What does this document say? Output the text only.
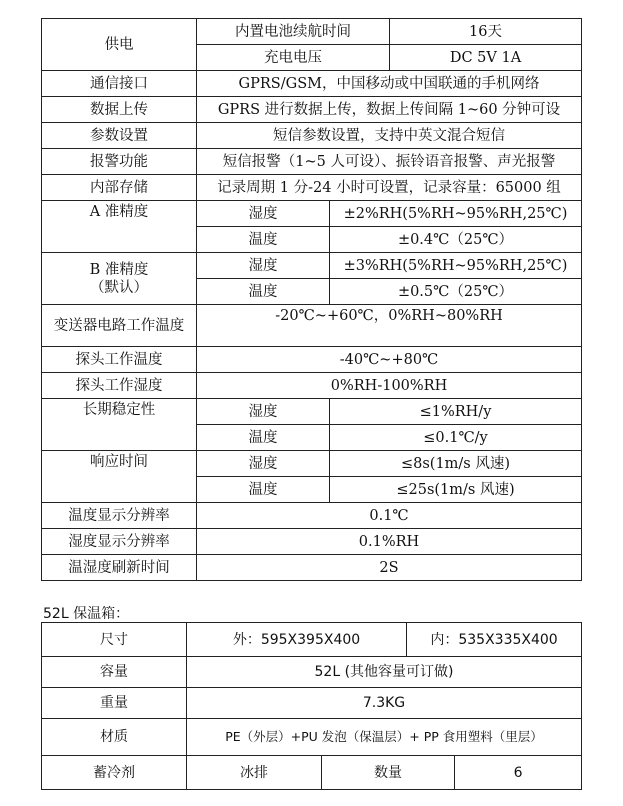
供电	内置电池续航时间		16天
	充电电压		DC 5V 1A
通信接口	GPRS/GSM，中国移动或中国联通的手机网络		
数据上传	GPRS 进行数据上传，数据上传间隔 1~60 分钟可设		
参数设置	短信参数设置，支持中英文混合短信		
报警功能	短信报警（1~5 人可设）、振铃语音报警、声光报警		
内部存储	记录周期 1 分-24 小时可设置，记录容量：65000 组		
A 准精度	湿度	±2%RH(5%RH~95%RH,25℃)	
	温度	±0.4℃（25℃）	
B 准精度（默认）	湿度	±3%RH(5%RH~95%RH,25℃)	
	温度	±0.5℃（25℃）	
变送器电路工作温度	-20℃~+60℃，0%RH~80%RH		
探头工作温度	-40℃~+80℃		
探头工作湿度	0%RH-100%RH		
长期稳定性	湿度	≤1%RH/y	
	温度	≤0.1℃/y	
响应时间	湿度	≤8s(1m/s 风速)	
	温度	≤25s(1m/s 风速)	
温度显示分辨率	0.1℃		
湿度显示分辨率	0.1%RH		
温湿度刷新时间	2S		
52L 保温箱：
尺寸	外：595X395X400		内：535X335X400	
容量	52L (其他容量可订做)			
重量	7.3KG			
材质	PE（外层）+PU 发泡（保温层）+ PP 食用塑料（里层）			
蓄冷剂	冰排	数量		6
